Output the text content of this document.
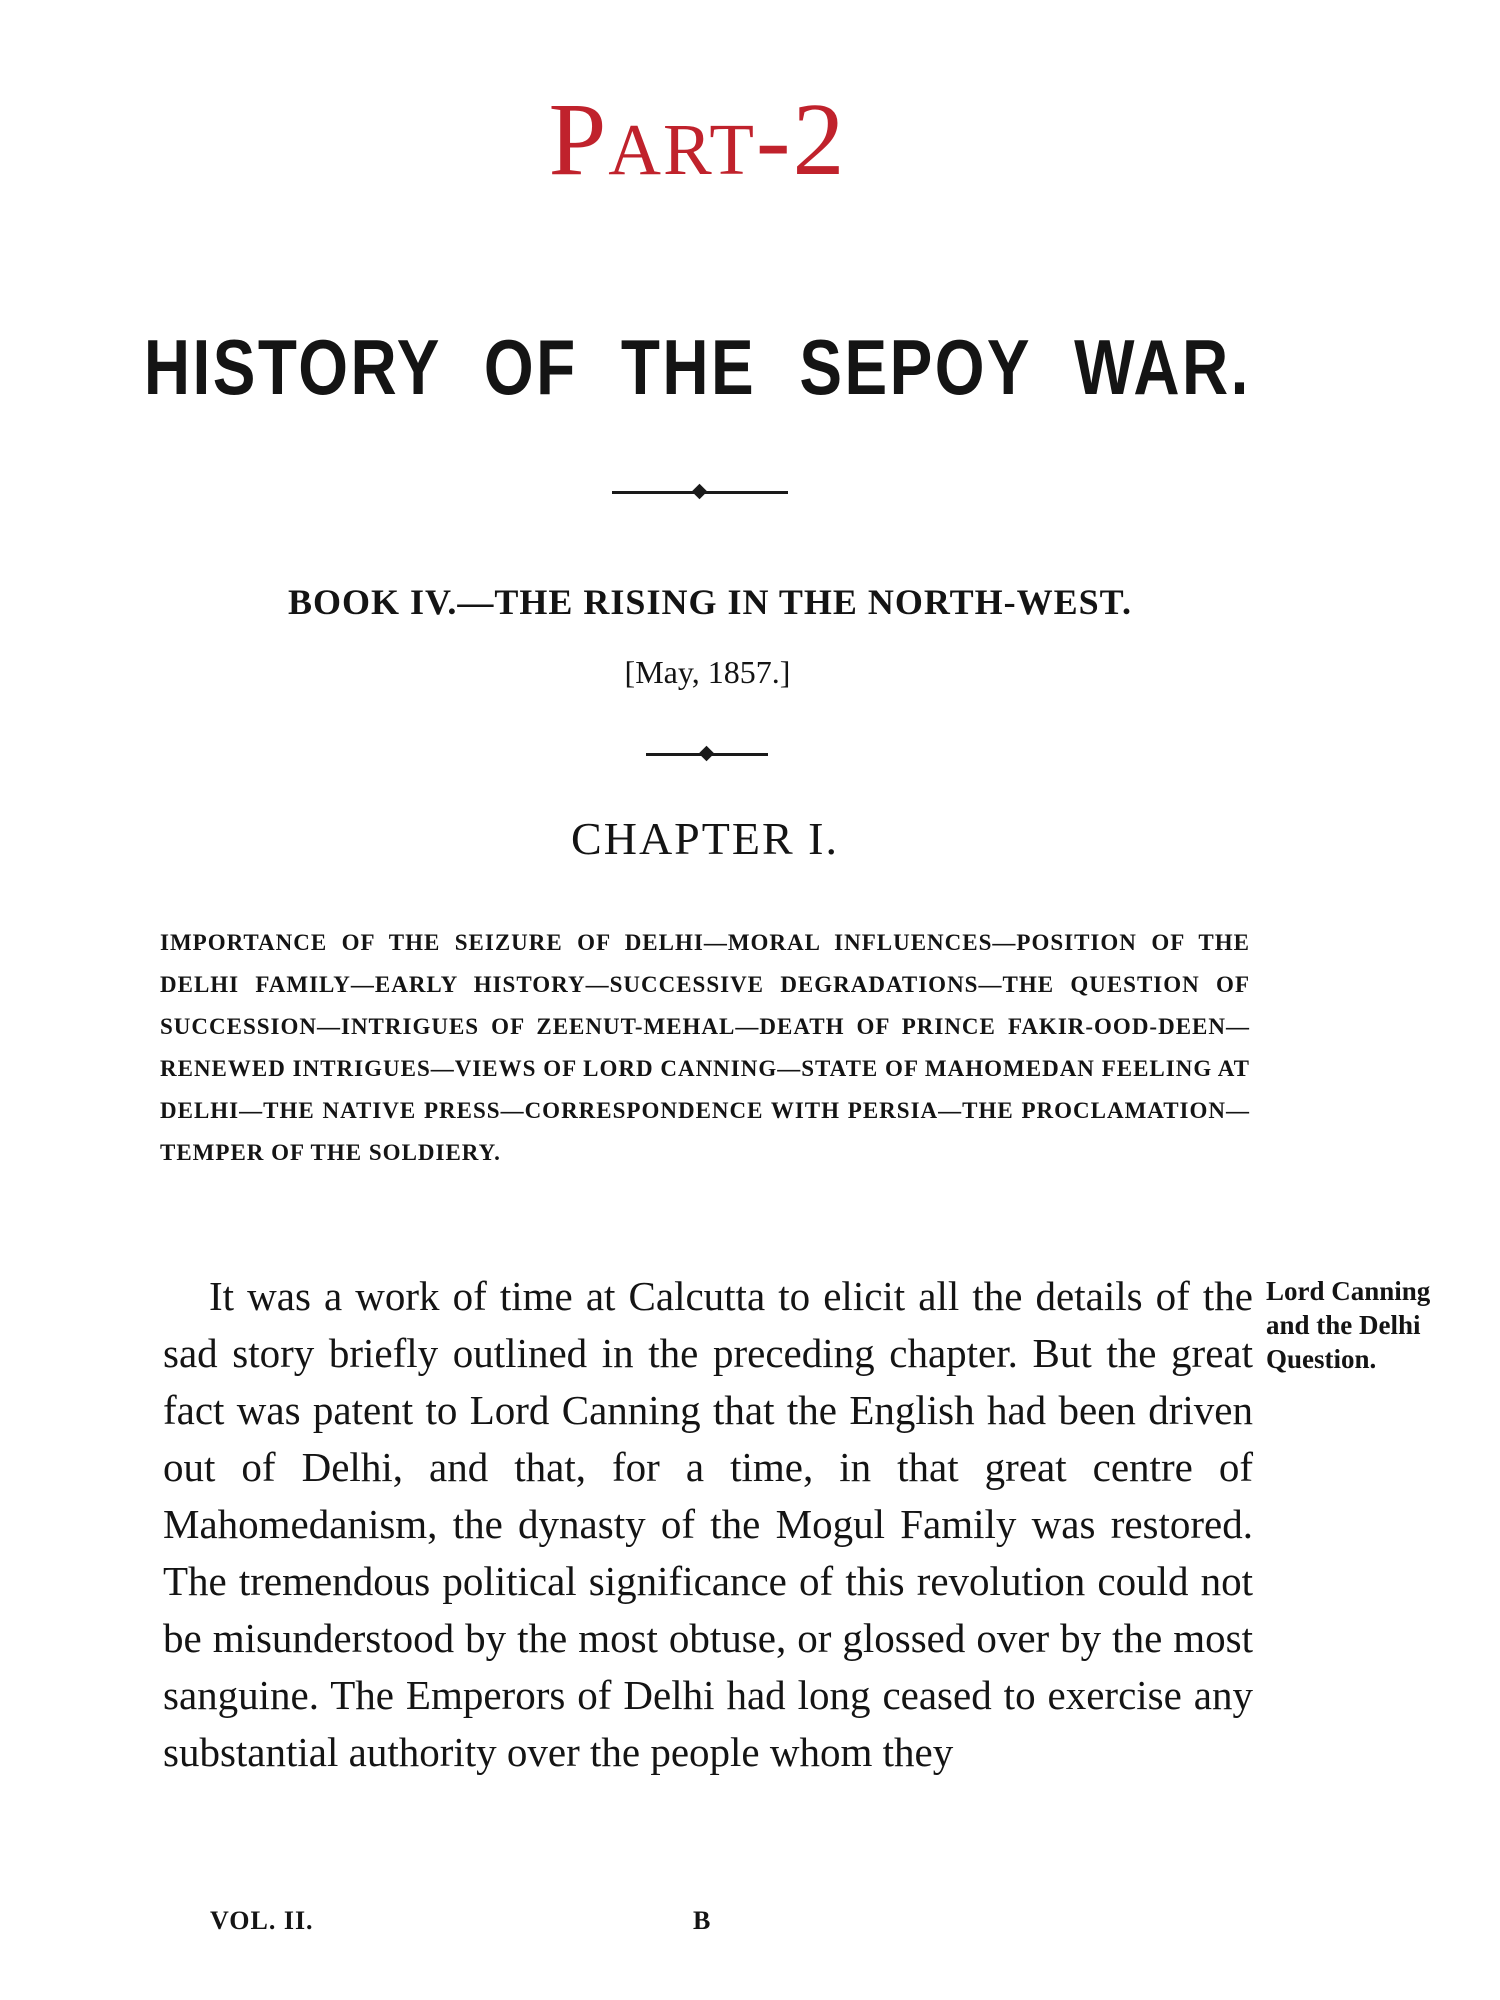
Part-2
HISTORY OF THE SEPOY WAR.
BOOK IV.—THE RISING IN THE NORTH-WEST.
[May, 1857.]
CHAPTER I.
IMPORTANCE OF THE SEIZURE OF DELHI—MORAL INFLUENCES—POSITION OF THE DELHI FAMILY—EARLY HISTORY—SUCCESSIVE DEGRADATIONS—THE QUESTION OF SUCCESSION—INTRIGUES OF ZEENUT-MEHAL—DEATH OF PRINCE FAKIR-OOD-DEEN—RENEWED INTRIGUES—VIEWS OF LORD CANNING—STATE OF MAHOMEDAN FEELING AT DELHI—THE NATIVE PRESS—CORRESPONDENCE WITH PERSIA—THE PROCLAMATION—TEMPER OF THE SOLDIERY.

It was a work of time at Calcutta to elicit all the details of the sad story briefly outlined in the preceding chapter. But the great fact was patent to Lord Canning that the English had been driven out of Delhi, and that, for a time, in that great centre of Mahomedanism, the dynasty of the Mogul Family was restored. The tremendous political significance of this revolution could not be misunderstood by the most obtuse, or glossed over by the most sanguine. The Emperors of Delhi had long ceased to exercise any substantial authority over the people whom they

Lord Canning and the Delhi Question.

VOL. II.	B
